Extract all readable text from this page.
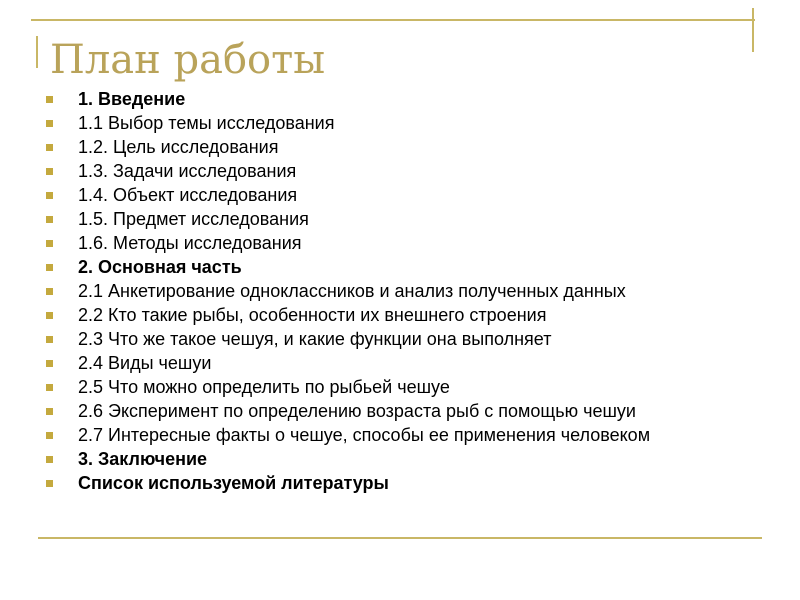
План работы
1. Введение
1.1 Выбор темы исследования
1.2. Цель исследования
1.3. Задачи исследования
1.4. Объект исследования
1.5. Предмет исследования
1.6. Методы исследования
2. Основная часть
2.1 Анкетирование одноклассников и анализ полученных данных
2.2 Кто такие рыбы, особенности их внешнего строения
2.3 Что же такое чешуя, и какие функции она выполняет
2.4 Виды чешуи
2.5 Что можно определить по рыбьей чешуе
2.6 Эксперимент по определению возраста рыб с помощью чешуи
2.7 Интересные факты о чешуе, способы ее применения человеком
3. Заключение
Список используемой литературы
